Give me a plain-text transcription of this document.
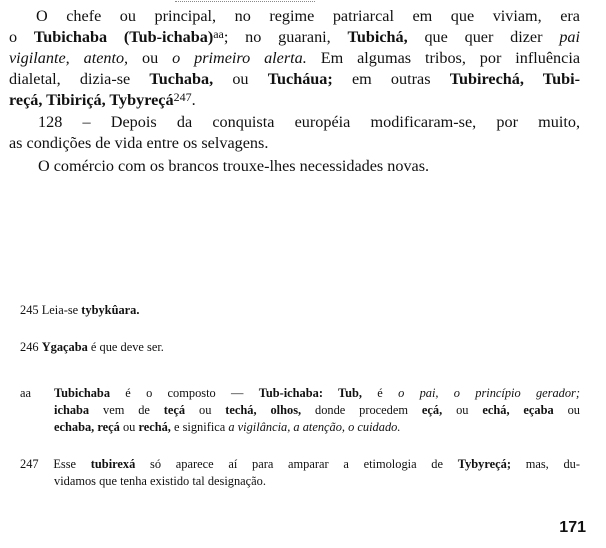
O chefe ou principal, no regime patriarcal em que viviam, era
o Tubichaba (Tub-ichaba)$^{aa}$; no guarani, Tubichá, que quer dizer pai
vigilante, atento, ou o primeiro alerta. Em algumas tribos, por influência
dialetal, dizia-se Tuchaba, ou Tucháua; em outras Tubirechá, Tubi-
reçá, Tibiriçá, Tybyreçá$^{247}$.
128 – Depois da conquista européia modificaram-se, por muito,
as condições de vida entre os selvagens.
O comércio com os brancos trouxe-lhes necessidades novas.
245 Leia-se tybykûara.
246 Ygaçaba é que deve ser.
aa	Tubichaba é o composto — Tub-ichaba: Tub, é o pai, o princípio gerador;
ichaba vem de teçá ou techá, olhos, donde procedem eçá, ou echá, eçaba ou
echaba, reçá ou rechá, e significa a vigilância, a atenção, o cuidado.
247 Esse tubirexá só aparece aí para amparar a etimologia de Tybyreçá; mas, du-
vidamos que tenha existido tal designação.
171
